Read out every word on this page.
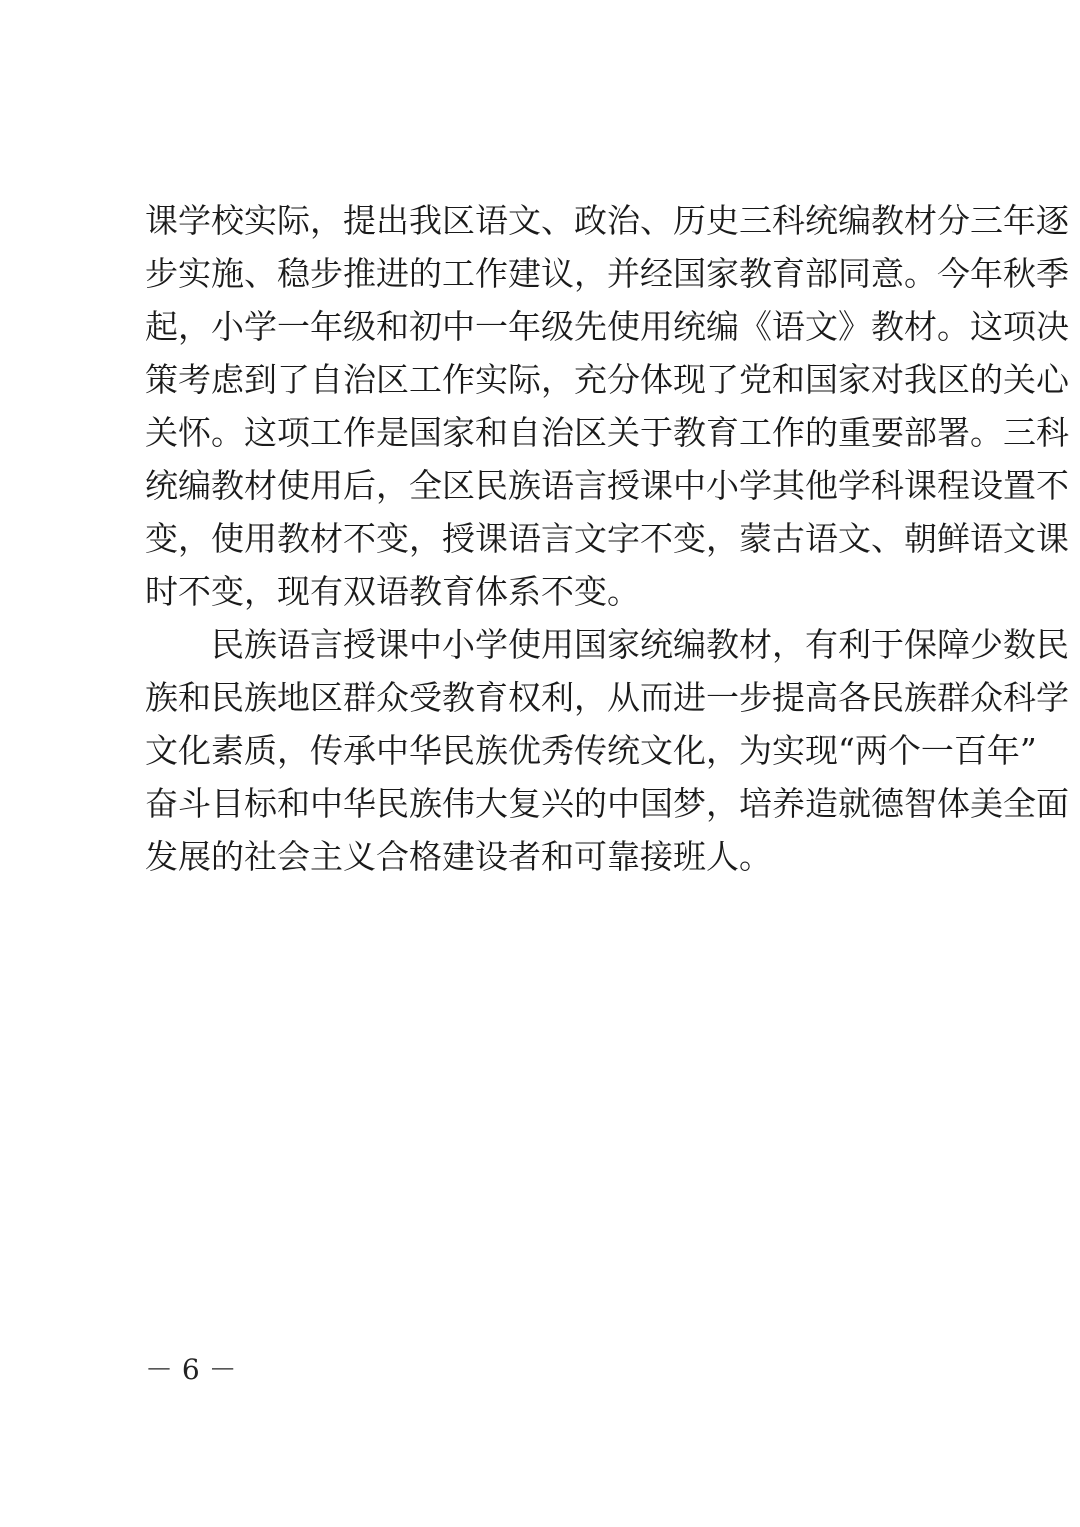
课学校实际，提出我区语文、政治、历史三科统编教材分三年逐
步实施、稳步推进的工作建议，并经国家教育部同意。今年秋季
起，小学一年级和初中一年级先使用统编《语文》教材。这项决
策考虑到了自治区工作实际，充分体现了党和国家对我区的关心
关怀。这项工作是国家和自治区关于教育工作的重要部署。三科
统编教材使用后，全区民族语言授课中小学其他学科课程设置不
变，使用教材不变，授课语言文字不变，蒙古语文、朝鲜语文课
时不变，现有双语教育体系不变。
民族语言授课中小学使用国家统编教材，有利于保障少数民
族和民族地区群众受教育权利，从而进一步提高各民族群众科学
文化素质，传承中华民族优秀传统文化，为实现“两个一百年”
奋斗目标和中华民族伟大复兴的中国梦，培养造就德智体美全面
发展的社会主义合格建设者和可靠接班人。
－ 6 －
